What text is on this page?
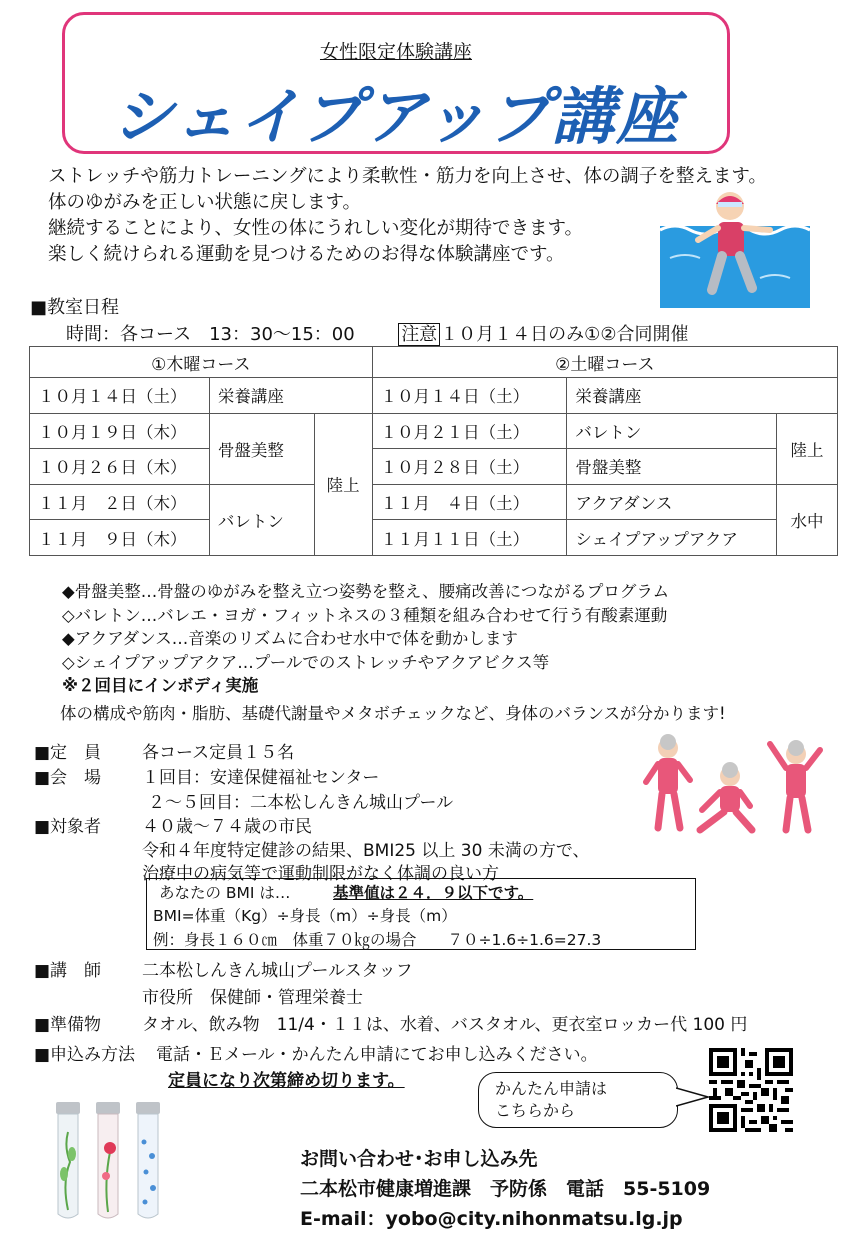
女性限定体験講座
シェイプアップ講座
ストレッチや筋力トレーニングにより柔軟性・筋力を向上させ、体の調子を整えます。
体のゆがみを正しい状態に戻します。
継続することにより、女性の体にうれしい変化が期待できます。
楽しく続けられる運動を見つけるためのお得な体験講座です。
■教室日程
時間：各コース　13：30〜15：00	注意 １０月１４日のみ①②合同開催
①木曜コース			②土曜コース		
１０月１４日（土）	栄養講座		１０月１４日（土）	栄養講座	
１０月１９日（木）	骨盤美整	陸上	１０月２１日（土）	バレトン	陸上
１０月２６日（木）			１０月２８日（土）	骨盤美整	
１１月　２日（木）	バレトン		１１月　４日（土）	アクアダンス	水中
１１月　９日（木）			１１月１１日（土）	シェイプアップアクア	
◆骨盤美整…骨盤のゆがみを整え立つ姿勢を整え、腰痛改善につながるプログラム
◇バレトン…バレエ・ヨガ・フィットネスの３種類を組み合わせて行う有酸素運動
◆アクアダンス…音楽のリズムに合わせ水中で体を動かします
◇シェイプアップアクア…プールでのストレッチやアクアビクス等
※２回目にインボディ実施
体の構成や筋肉・脂肪、基礎代謝量やメタボチェックなど、身体のバランスが分かります!
■定　員 各コース定員１５名
■会　場 １回目：安達保健福祉センター
２〜５回目：二本松しんきん城山プール
■対象者 ４０歳〜７４歳の市民
令和４年度特定健診の結果、BMI25 以上 30 未満の方で、
治療中の病気等で運動制限がなく体調の良い方
あなたの BMI は…	基準値は２４．９以下です。
BMI=体重（Kg）÷身長（m）÷身長（m）
例：身長１６０㎝　体重７０㎏の場合　　７０÷1.6÷1.6=27.3
■講　師 二本松しんきん城山プールスタッフ
市役所　保健師・管理栄養士
■準備物 タオル、飲み物　11/4・１１は、水着、バスタオル、更衣室ロッカー代 100 円
■申込み方法 電話・Ｅメール・かんたん申請にてお申し込みください。
定員になり次第締め切ります。	かんたん申請は
こちらから
お問い合わせ･お申し込み先
二本松市健康増進課　予防係　電話　55-5109
E-mail：yobo@city.nihonmatsu.lg.jp
